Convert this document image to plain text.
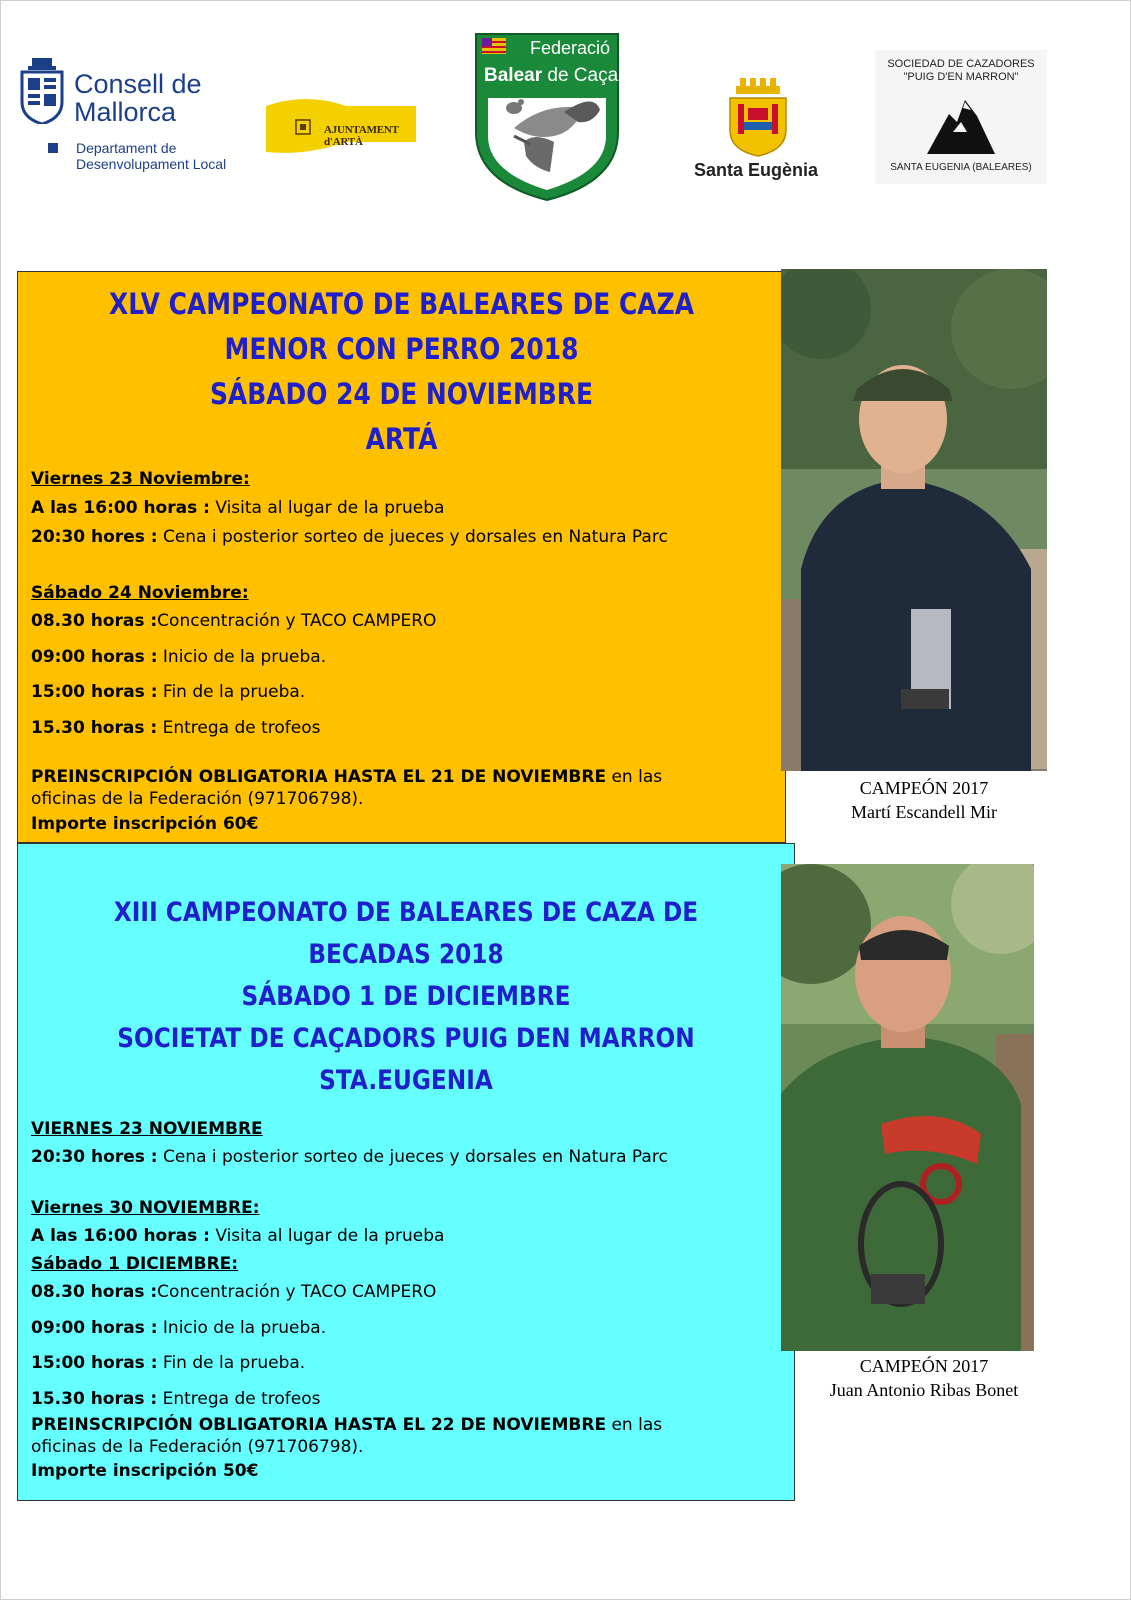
Consell de
Mallorca
Departament de
Desenvolupament Local
AJUNTAMENT d'ARTÀ
Federació
Balear de Caça
Santa Eugènia
SOCIEDAD DE CAZADORES
"PUIG D'EN MARRON"
SANTA EUGENIA (BALEARES)
XLV CAMPEONATO DE BALEARES DE CAZA
MENOR CON PERRO 2018
SÁBADO 24 DE NOVIEMBRE
ARTÁ
Viernes 23 Noviembre:
A las 16:00 horas : Visita al lugar de la prueba
20:30 hores : Cena i posterior sorteo de jueces y dorsales en Natura Parc
Sábado 24 Noviembre:
08.30 horas :Concentración y TACO CAMPERO
09:00 horas : Inicio de la prueba.
15:00 horas : Fin de la prueba.
15.30 horas : Entrega de trofeos
PREINSCRIPCIÓN OBLIGATORIA HASTA EL 21 DE NOVIEMBRE en las oficinas de la Federación (971706798).
Importe inscripción 60€
XIII CAMPEONATO DE BALEARES DE CAZA DE
BECADAS 2018
SÁBADO 1 DE DICIEMBRE
SOCIETAT DE CAÇADORS PUIG DEN MARRON
STA.EUGENIA
VIERNES 23 NOVIEMBRE
20:30 hores : Cena i posterior sorteo de jueces y dorsales en Natura Parc
Viernes 30 NOVIEMBRE:
A las 16:00 horas : Visita al lugar de la prueba
Sábado 1 DICIEMBRE:
08.30 horas :Concentración y TACO CAMPERO
09:00 horas : Inicio de la prueba.
15:00 horas : Fin de la prueba.
15.30 horas : Entrega de trofeos
PREINSCRIPCIÓN OBLIGATORIA HASTA EL 22 DE NOVIEMBRE en las oficinas de la Federación (971706798).
Importe inscripción 50€
CAMPEÓN 2017
Martí Escandell Mir
CAMPEÓN 2017
Juan Antonio Ribas Bonet
